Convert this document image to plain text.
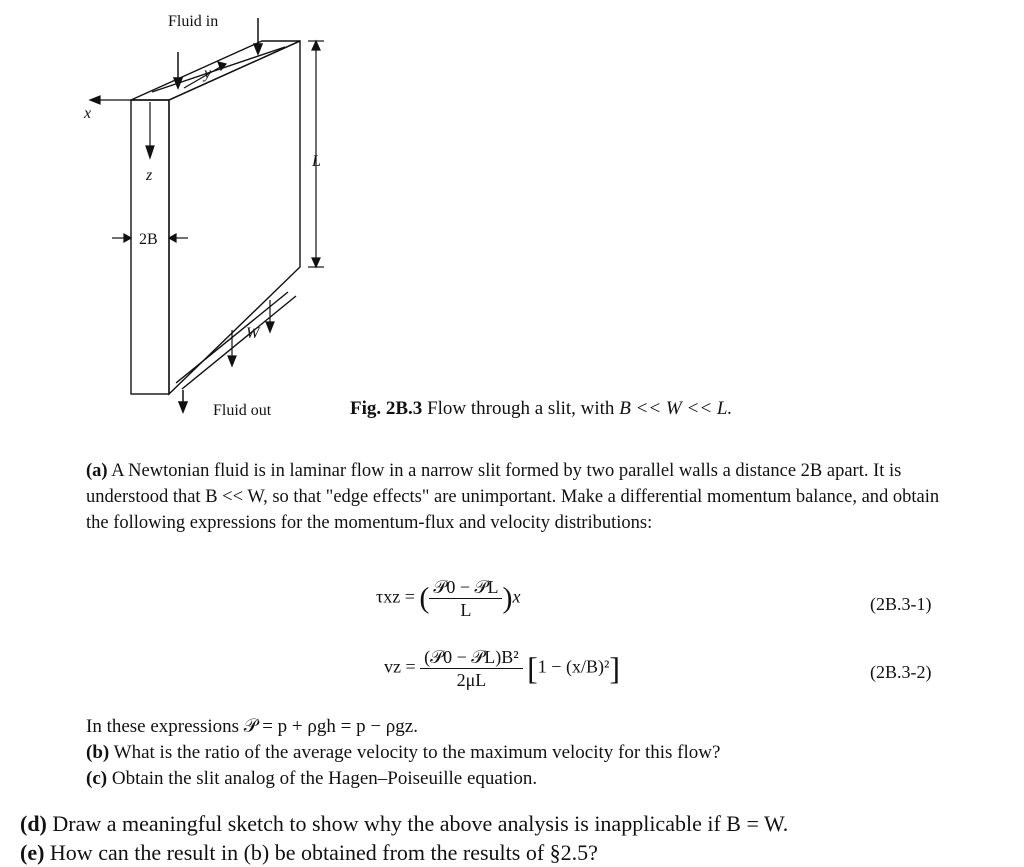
Fluid in
Fluid out
x
y
z
2B
L
W
Fig. 2B.3 Flow through a slit, with B << W << L.
(a) A Newtonian fluid is in laminar flow in a narrow slit formed by two parallel walls a distance 2B apart. It is understood that B << W, so that "edge effects" are unimportant. Make a differential momentum balance, and obtain the following expressions for the momentum-flux and velocity distributions:
τxz = ( $\frac{\text{𝒫0 − 𝒫L}}{L} )x$	(2B.3-1)
vz = $\frac{\text{(𝒫0 − 𝒫L)B²}}{2\mu L} [1 - (x/B)^2]$	(2B.3-2)
In these expressions 𝒫 = p + ρgh = p − ρgz.
(b) What is the ratio of the average velocity to the maximum velocity for this flow?
(c) Obtain the slit analog of the Hagen–Poiseuille equation.
(d) Draw a meaningful sketch to show why the above analysis is inapplicable if B = W.
(e) How can the result in (b) be obtained from the results of §2.5?
